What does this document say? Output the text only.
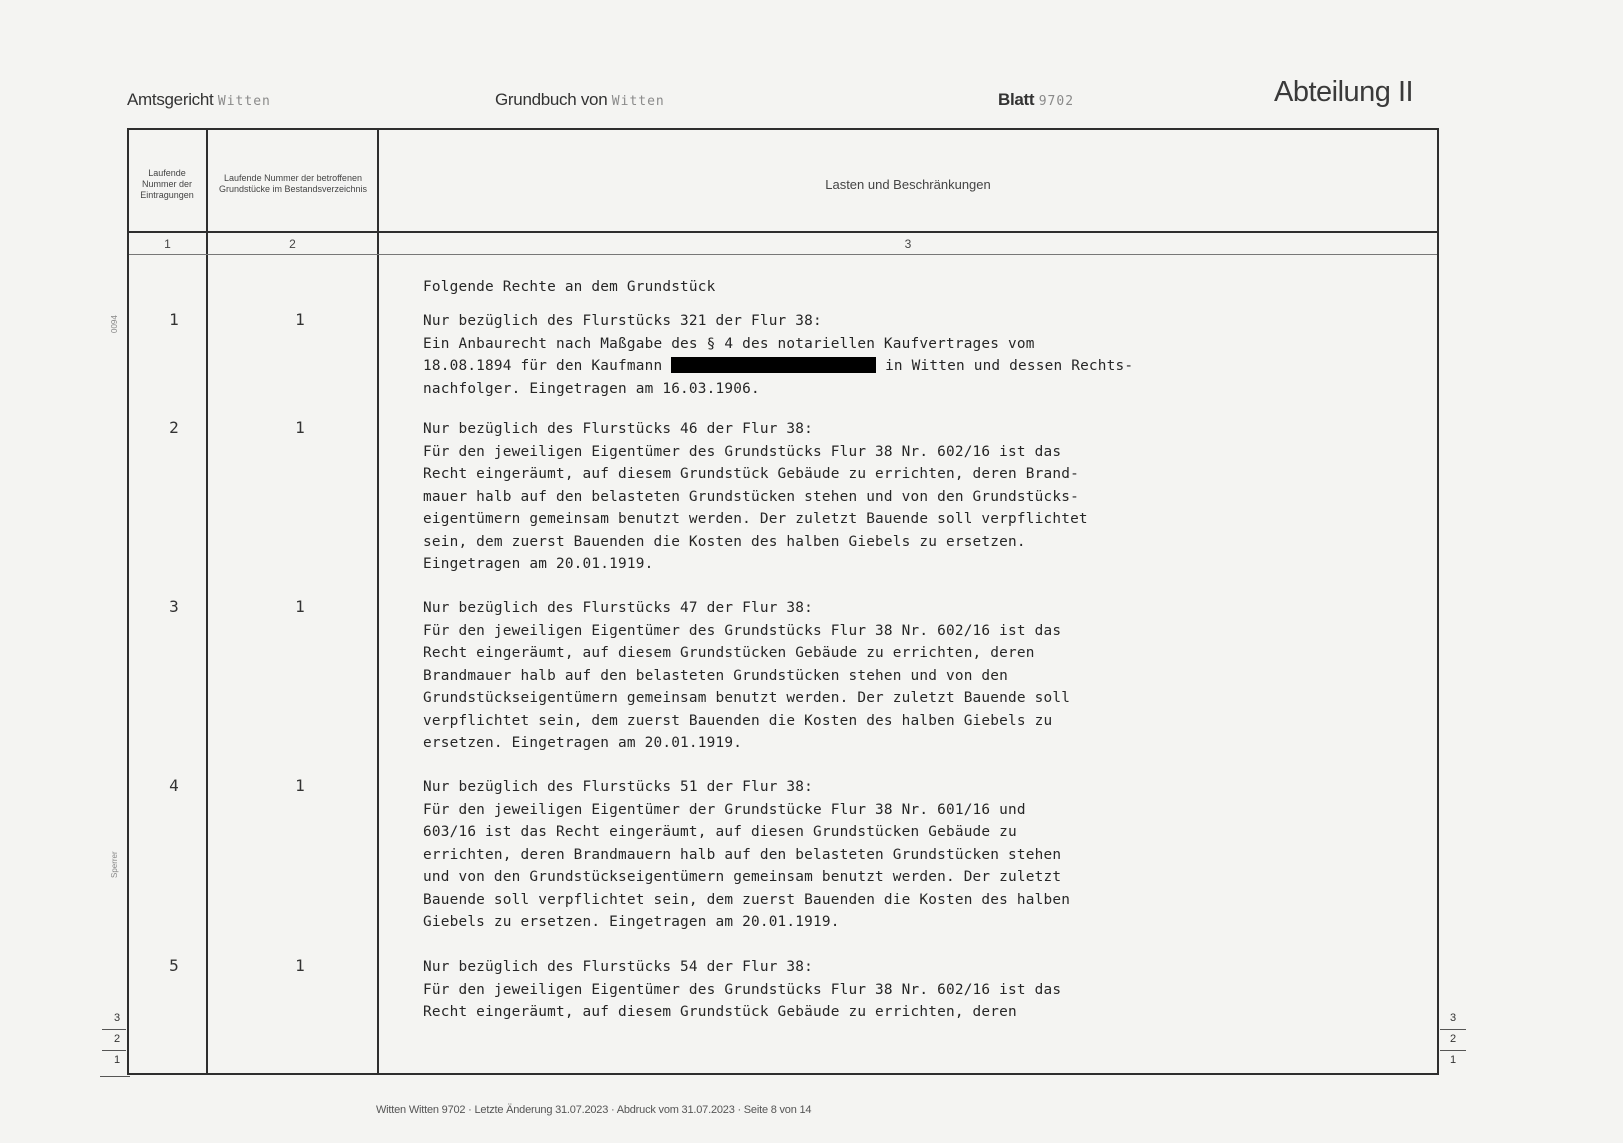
Amtsgericht Witten	Grundbuch von Witten	Blatt 9702	Abteilung II
0094
Sperrer
Laufende Nummer der Eintragungen
Laufende Nummer der betroffenen Grundstücke im Bestandsverzeichnis	Lasten und Beschränkungen
1	2	3
Folgende Rechte an dem Grundstück
1	1	Nur bezüglich des Flurstücks 321 der Flur 38:
Ein Anbaurecht nach Maßgabe des § 4 des notariellen Kaufvertrages vom
18.08.1894 für den Kaufmann	in Witten und dessen Rechts-
nachfolger. Eingetragen am 16.03.1906.
2	1	Nur bezüglich des Flurstücks 46 der Flur 38:
Für den jeweiligen Eigentümer des Grundstücks Flur 38 Nr. 602/16 ist das
Recht eingeräumt, auf diesem Grundstück Gebäude zu errichten, deren Brand-
mauer halb auf den belasteten Grundstücken stehen und von den Grundstücks-
eigentümern gemeinsam benutzt werden. Der zuletzt Bauende soll verpflichtet
sein, dem zuerst Bauenden die Kosten des halben Giebels zu ersetzen.
Eingetragen am 20.01.1919.
3	1	Nur bezüglich des Flurstücks 47 der Flur 38:
Für den jeweiligen Eigentümer des Grundstücks Flur 38 Nr. 602/16 ist das
Recht eingeräumt, auf diesem Grundstücken Gebäude zu errichten, deren
Brandmauer halb auf den belasteten Grundstücken stehen und von den
Grundstückseigentümern gemeinsam benutzt werden. Der zuletzt Bauende soll
verpflichtet sein, dem zuerst Bauenden die Kosten des halben Giebels zu
ersetzen. Eingetragen am 20.01.1919.
4	1	Nur bezüglich des Flurstücks 51 der Flur 38:
Für den jeweiligen Eigentümer der Grundstücke Flur 38 Nr. 601/16 und
603/16 ist das Recht eingeräumt, auf diesen Grundstücken Gebäude zu
errichten, deren Brandmauern halb auf den belasteten Grundstücken stehen
und von den Grundstückseigentümern gemeinsam benutzt werden. Der zuletzt
Bauende soll verpflichtet sein, dem zuerst Bauenden die Kosten des halben
Giebels zu ersetzen. Eingetragen am 20.01.1919.
5	1	Nur bezüglich des Flurstücks 54 der Flur 38:
Für den jeweiligen Eigentümer des Grundstücks Flur 38 Nr. 602/16 ist das
Recht eingeräumt, auf diesem Grundstück Gebäude zu errichten, deren
3
2
1
3
2
1
Witten Witten 9702 · Letzte Änderung 31.07.2023 · Abdruck vom 31.07.2023 · Seite 8 von 14
